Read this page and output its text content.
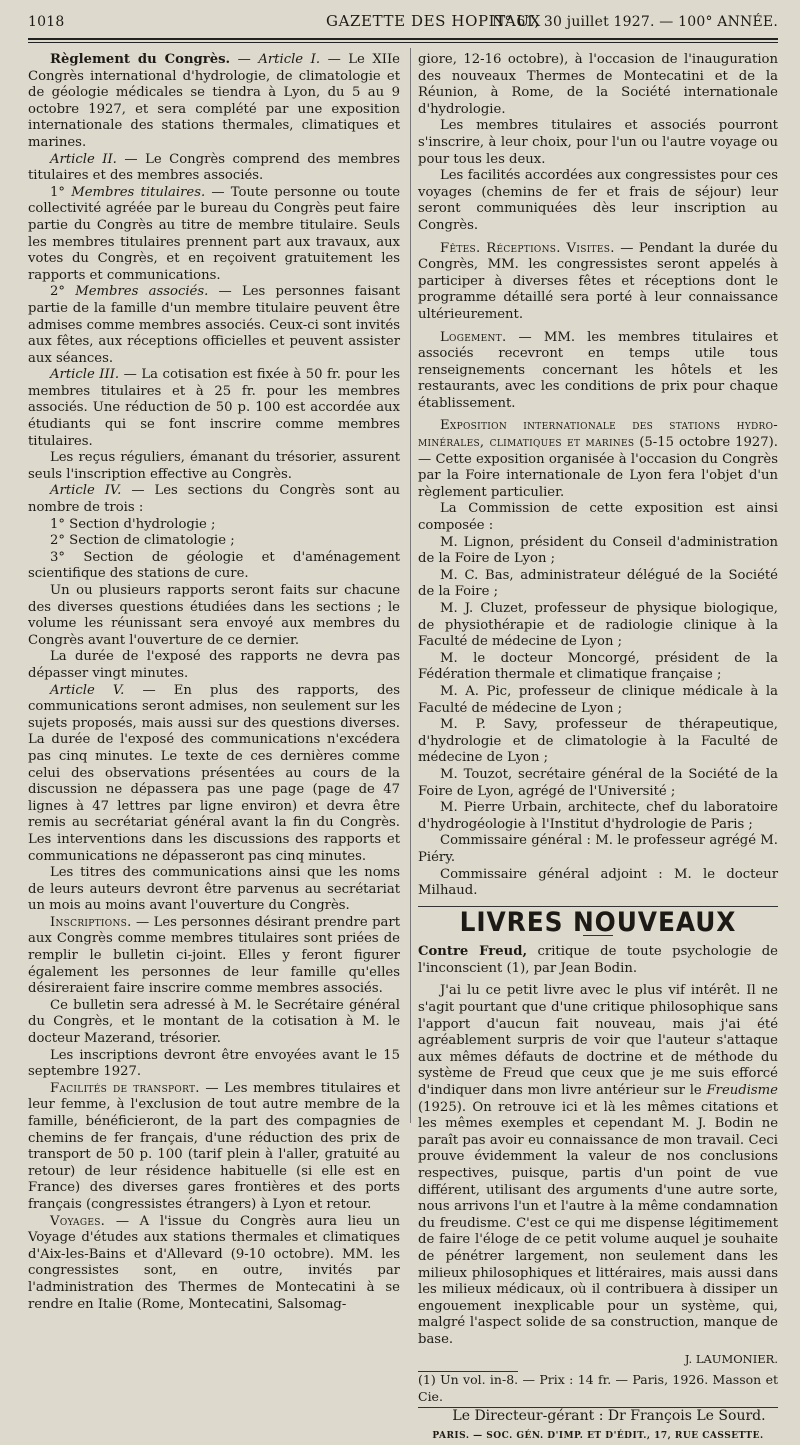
1018	GAZETTE DES HOPITAUX
N° 61, 30 juillet 1927. — 100° ANNÉE.

Règlement du Congrès. — Article I. — Le XIIe Congrès international d'hydrologie, de climatologie et de géologie médicales se tiendra à Lyon, du 5 au 9 octobre 1927, et sera complété par une exposition internationale des stations thermales, climatiques et marines.

Article II. — Le Congrès comprend des membres titulaires et des membres associés.

1° Membres titulaires. — Toute personne ou toute collectivité agréée par le bureau du Congrès peut faire partie du Congrès au titre de membre titulaire. Seuls les membres titulaires prennent part aux travaux, aux votes du Congrès, et en reçoivent gratuitement les rapports et communications.

2° Membres associés. — Les personnes faisant partie de la famille d'un membre titulaire peuvent être admises comme membres associés. Ceux-ci sont invités aux fêtes, aux réceptions officielles et peuvent assister aux séances.

Article III. — La cotisation est fixée à 50 fr. pour les membres titulaires et à 25 fr. pour les membres associés. Une réduction de 50 p. 100 est accordée aux étudiants qui se font inscrire comme membres titulaires.

Les reçus réguliers, émanant du trésorier, assurent seuls l'inscription effective au Congrès.

Article IV. — Les sections du Congrès sont au nombre de trois :

1° Section d'hydrologie ;

2° Section de climatologie ;

3° Section de géologie et d'aménagement scientifique des stations de cure.

Un ou plusieurs rapports seront faits sur chacune des diverses questions étudiées dans les sections ; le volume les réunissant sera envoyé aux membres du Congrès avant l'ouverture de ce dernier.

La durée de l'exposé des rapports ne devra pas dépasser vingt minutes.

Article V. — En plus des rapports, des communications seront admises, non seulement sur les sujets proposés, mais aussi sur des questions diverses. La durée de l'exposé des communications n'excédera pas cinq minutes. Le texte de ces dernières comme celui des observations présentées au cours de la discussion ne dépassera pas une page (page de 47 lignes à 47 lettres par ligne environ) et devra être remis au secrétariat général avant la fin du Congrès. Les interventions dans les discussions des rapports et communications ne dépasseront pas cinq minutes.

Les titres des communications ainsi que les noms de leurs auteurs devront être parvenus au secrétariat un mois au moins avant l'ouverture du Congrès.

Inscriptions. — Les personnes désirant prendre part aux Congrès comme membres titulaires sont priées de remplir le bulletin ci-joint. Elles y feront figurer également les personnes de leur famille qu'elles désireraient faire inscrire comme membres associés.

Ce bulletin sera adressé à M. le Secrétaire général du Congrès, et le montant de la cotisation à M. le docteur Mazerand, trésorier.

Les inscriptions devront être envoyées avant le 15 septembre 1927.

Facilités de transport. — Les membres titulaires et leur femme, à l'exclusion de tout autre membre de la famille, bénéficieront, de la part des compagnies de chemins de fer français, d'une réduction des prix de transport de 50 p. 100 (tarif plein à l'aller, gratuité au retour) de leur résidence habituelle (si elle est en France) des diverses gares frontières et des ports français (congressistes étrangers) à Lyon et retour.

Voyages. — A l'issue du Congrès aura lieu un Voyage d'études aux stations thermales et climatiques d'Aix-les-Bains et d'Allevard (9-10 octobre). MM. les congressistes sont, en outre, invités par l'administration des Thermes de Montecatini à se rendre en Italie (Rome, Montecatini, Salsomag-

giore, 12-16 octobre), à l'occasion de l'inauguration des nouveaux Thermes de Montecatini et de la Réunion, à Rome, de la Société internationale d'hydrologie.

Les membres titulaires et associés pourront s'inscrire, à leur choix, pour l'un ou l'autre voyage ou pour tous les deux.

Les facilités accordées aux congressistes pour ces voyages (chemins de fer et frais de séjour) leur seront communiquées dès leur inscription au Congrès.

Fêtes. Réceptions. Visites. — Pendant la durée du Congrès, MM. les congressistes seront appelés à participer à diverses fêtes et réceptions dont le programme détaillé sera porté à leur connaissance ultérieurement.

Logement. — MM. les membres titulaires et associés recevront en temps utile tous renseignements concernant les hôtels et les restaurants, avec les conditions de prix pour chaque établissement.

Exposition internationale des stations hydro-minérales, climatiques et marines (5-15 octobre 1927). — Cette exposition organisée à l'occasion du Congrès par la Foire internationale de Lyon fera l'objet d'un règlement particulier.

La Commission de cette exposition est ainsi composée :

M. Lignon, président du Conseil d'administration de la Foire de Lyon ;

M. C. Bas, administrateur délégué de la Société de la Foire ;

M. J. Cluzet, professeur de physique biologique, de physiothérapie et de radiologie clinique à la Faculté de médecine de Lyon ;

M. le docteur Moncorgé, président de la Fédération thermale et climatique française ;

M. A. Pic, professeur de clinique médicale à la Faculté de médecine de Lyon ;

M. P. Savy, professeur de thérapeutique, d'hydrologie et de climatologie à la Faculté de médecine de Lyon ;

M. Touzot, secrétaire général de la Société de la Foire de Lyon, agrégé de l'Université ;

M. Pierre Urbain, architecte, chef du laboratoire d'hydrogéologie à l'Institut d'hydrologie de Paris ;

Commissaire général : M. le professeur agrégé M. Piéry.

Commissaire général adjoint : M. le docteur Milhaud.

LIVRES NOUVEAUX

Contre Freud, critique de toute psychologie de l'inconscient (1), par Jean Bodin.

J'ai lu ce petit livre avec le plus vif intérêt. Il ne s'agit pourtant que d'une critique philosophique sans l'apport d'aucun fait nouveau, mais j'ai été agréablement surpris de voir que l'auteur s'attaque aux mêmes défauts de doctrine et de méthode du système de Freud que ceux que je me suis efforcé d'indiquer dans mon livre antérieur sur le Freudisme (1925). On retrouve ici et là les mêmes citations et les mêmes exemples et cependant M. J. Bodin ne paraît pas avoir eu connaissance de mon travail. Ceci prouve évidemment la valeur de nos conclusions respectives, puisque, partis d'un point de vue différent, utilisant des arguments d'une autre sorte, nous arrivons l'un et l'autre à la même condamnation du freudisme. C'est ce qui me dispense légitimement de faire l'éloge de ce petit volume auquel je souhaite de pénétrer largement, non seulement dans les milieux philosophiques et littéraires, mais aussi dans les milieux médicaux, où il contribuera à dissiper un engouement inexplicable pour un système, qui, malgré l'aspect solide de sa construction, manque de base.

J. LAUMONIER.

(1) Un vol. in-8. — Prix : 14 fr. — Paris, 1926. Masson et Cie.

Le Directeur-gérant : Dr François Le Sourd.

PARIS. — SOC. GÉN. D'IMP. ET D'ÉDIT., 17, RUE CASSETTE.
